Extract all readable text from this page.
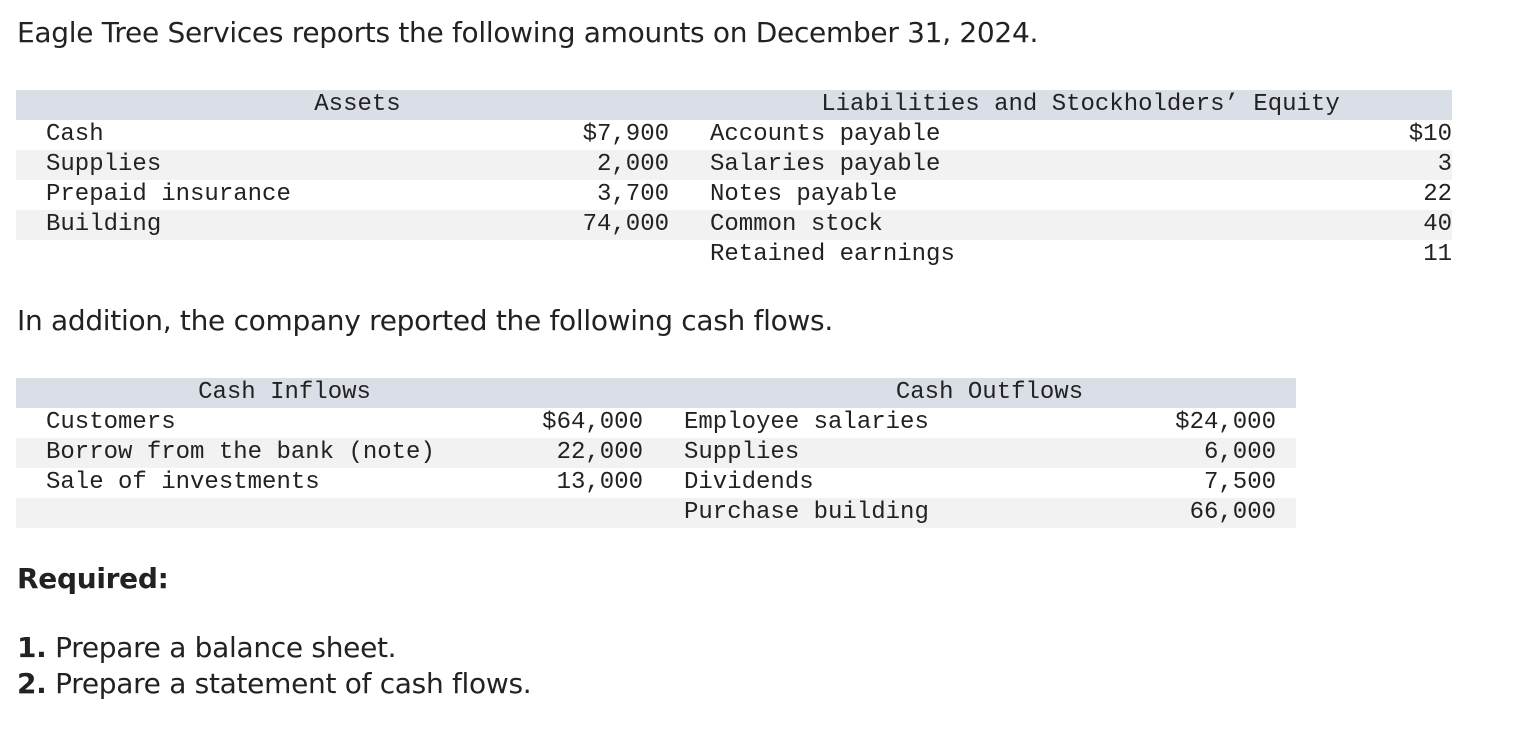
Eagle Tree Services reports the following amounts on December 31, 2024.

Assets			Liabilities and Stockholders’ Equity		
	Cash	$7,900		Accounts payable	$10
	Supplies	2,000		Salaries payable	3
	Prepaid insurance	3,700		Notes payable	22
	Building	74,000		Common stock	40
				Retained earnings	11

In addition, the company reported the following cash flows.

Cash Inflows			Cash Outflows			
	Customers	$64,000		Employee salaries	$24,000	
	Borrow from the bank (note)	22,000		Supplies	6,000	
	Sale of investments	13,000		Dividends	7,500	
				Purchase building	66,000	

Required:

1. Prepare a balance sheet.
2. Prepare a statement of cash flows.
